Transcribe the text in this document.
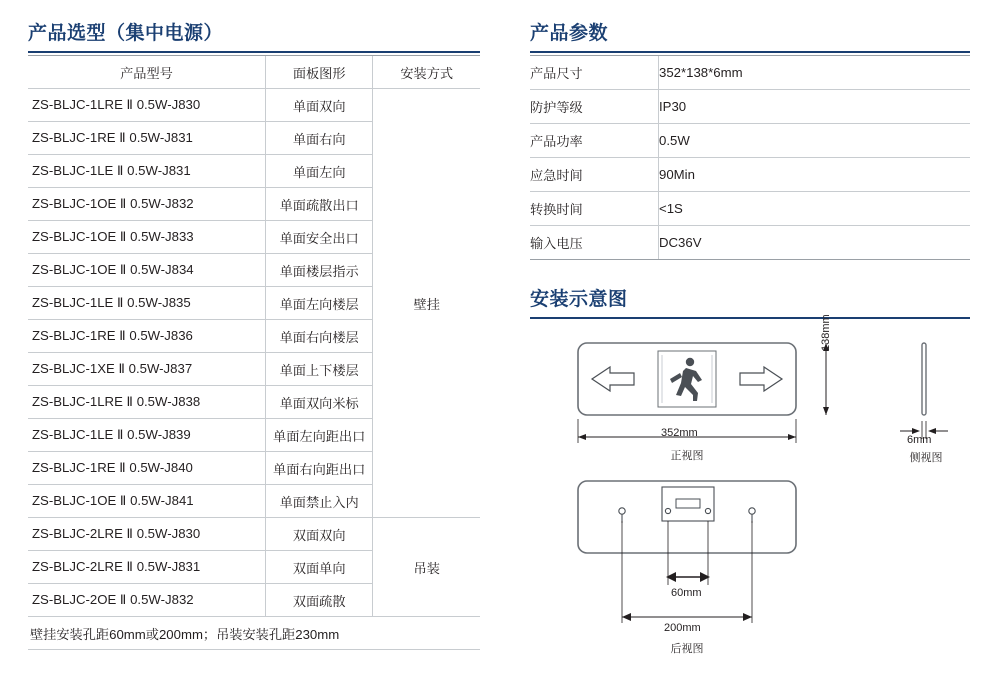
产品选型（集中电源）
产品型号	面板图形	安装方式
ZS-BLJC-1LRE Ⅱ 0.5W-J830	单面双向	壁挂
ZS-BLJC-1RE Ⅱ 0.5W-J831	单面右向	
ZS-BLJC-1LE Ⅱ 0.5W-J831	单面左向	
ZS-BLJC-1OE Ⅱ 0.5W-J832	单面疏散出口	
ZS-BLJC-1OE Ⅱ 0.5W-J833	单面安全出口	
ZS-BLJC-1OE Ⅱ 0.5W-J834	单面楼层指示	
ZS-BLJC-1LE Ⅱ 0.5W-J835	单面左向楼层	
ZS-BLJC-1RE Ⅱ 0.5W-J836	单面右向楼层	
ZS-BLJC-1XE Ⅱ 0.5W-J837	单面上下楼层	
ZS-BLJC-1LRE Ⅱ 0.5W-J838	单面双向米标	
ZS-BLJC-1LE Ⅱ 0.5W-J839	单面左向距出口	
ZS-BLJC-1RE Ⅱ 0.5W-J840	单面右向距出口	
ZS-BLJC-1OE Ⅱ 0.5W-J841	单面禁止入内	
ZS-BLJC-2LRE Ⅱ 0.5W-J830	双面双向	吊装
ZS-BLJC-2LRE Ⅱ 0.5W-J831	双面单向	
ZS-BLJC-2OE Ⅱ 0.5W-J832	双面疏散	
壁挂安装孔距60mm或200mm；吊装安装孔距230mm		
产品参数
产品尺寸	352*138*6mm
防护等级	IP30
产品功率	0.5W
应急时间	90Min
转换时间	<1S
输入电压	DC36V
安装示意图
352mm
138mm
正视图
6mm
侧视图
60mm
200mm
后视图
